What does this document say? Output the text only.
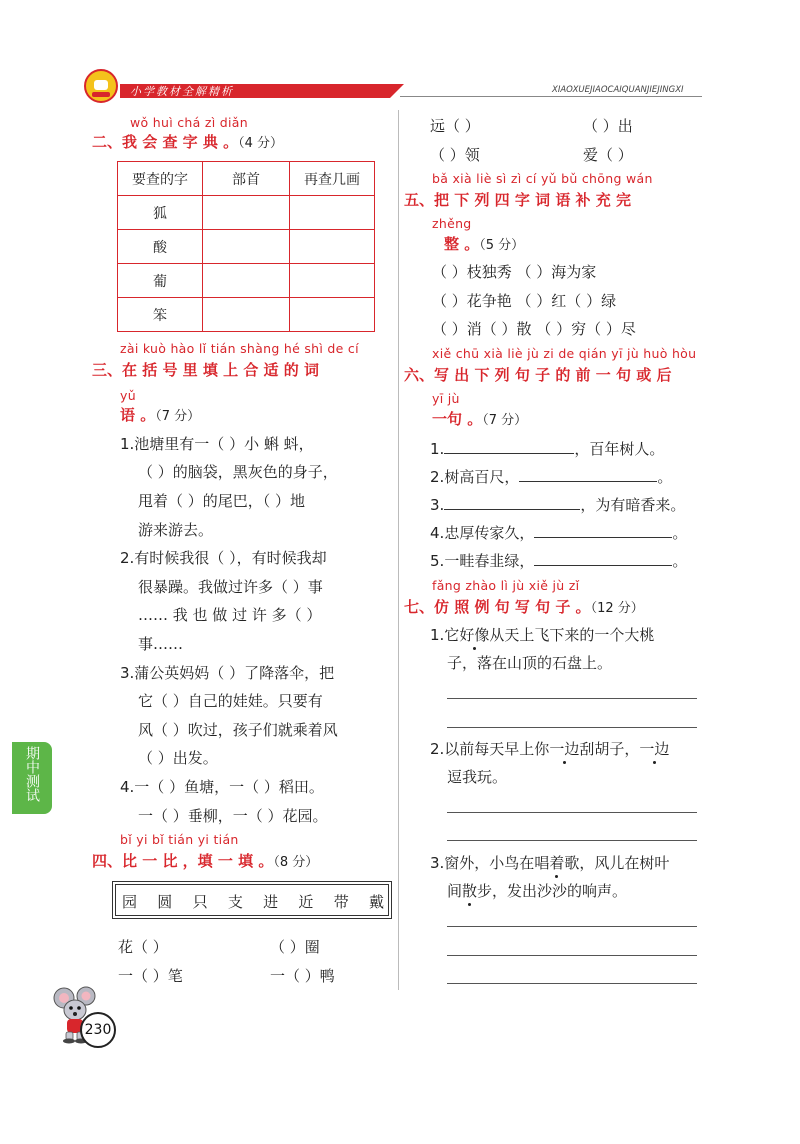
小学教材全解精析	XIAOXUEJIAOCAIQUANJIEJINGXI
wǒ huì chá zì diǎn
二、我 会 查 字 典 。（4 分）
要查的字	部首	再查几画
狐		
酸		
葡		
笨		
zài kuò hào lǐ tián shàng hé shì de cí
三、在 括 号 里 填 上 合 适 的 词
yǔ
语 。（7 分）
1.池塘里有一（ ）小 蝌 蚪，
（ ）的脑袋，黑灰色的身子，
甩着（ ）的尾巴，（ ）地
游来游去。
2.有时候我很（ ），有时候我却
很暴躁。我做过许多（ ）事
…… 我 也 做 过 许 多（ ）
事……
3.蒲公英妈妈（ ）了降落伞，把
它（ ）自己的娃娃。只要有
风（ ）吹过，孩子们就乘着风
（ ）出发。
4.一（ ）鱼塘，一（ ）稻田。
一（ ）垂柳，一（ ）花园。
bǐ yi bǐ tián yi tián
四、比 一 比 ，填 一 填 。（8 分）
园 圆 只 支 进 近 带 戴
花（ ）	（ ）圈
一（ ）笔	一（ ）鸭
远（ ）	（ ）出
（ ）领	爱（ ）
bǎ xià liè sì zì cí yǔ bǔ chōng wán
五、把 下 列 四 字 词 语 补 充 完
zhěng
整 。（5 分）
（ ）枝独秀 （ ）海为家
（ ）花争艳 （ ）红（ ）绿
（ ）消（ ）散 （ ）穷（ ）尽
xiě chū xià liè jù zi de qián yī jù huò hòu
六、写 出 下 列 句 子 的 前 一 句 或 后
yī jù
一句 。（7 分）
1.	，百年树人。
2.树高百尺，	。
3.	，为有暗香来。
4.忠厚传家久，	。
5.一畦春韭绿，	。
fǎng zhào lì jù xiě jù zǐ
七、仿 照 例 句 写 句 子 。（12 分）
1.它好像从天上飞下来的一个大桃
子，落在山顶的石盘上。
2.以前每天早上你一边刮胡子，一边
逗我玩。
3.窗外，小鸟在唱着歌，风儿在树叶
间散步，发出沙沙的响声。
期中测试
230
